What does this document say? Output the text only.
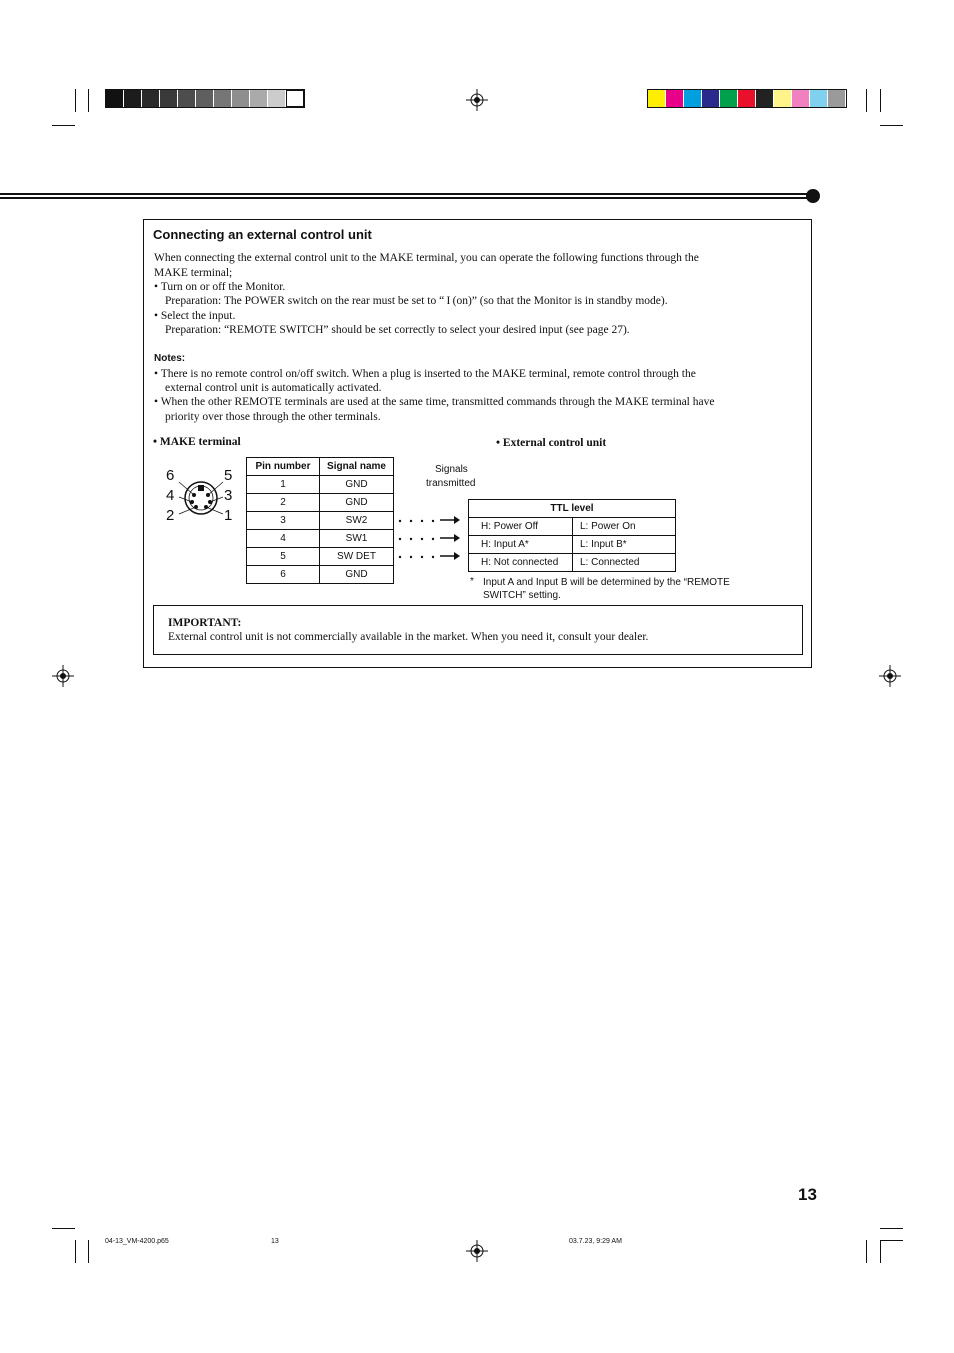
Connecting an external control unit
When connecting the external control unit to the MAKE terminal, you can operate the following functions through the
MAKE terminal;
• Turn on or off the Monitor.
Preparation: The POWER switch on the rear must be set to “ I (on)” (so that the Monitor is in standby mode).
• Select the input.
Preparation: “REMOTE SWITCH” should be set correctly to select your desired input (see page 27).
Notes:
• There is no remote control on/off switch. When a plug is inserted to the MAKE terminal, remote control through the
external control unit is automatically activated.
• When the other REMOTE terminals are used at the same time, transmitted commands through the MAKE terminal have
priority over those through the other terminals.
• MAKE terminal	• External control unit
6	5
4	3
2	1
Pin number	Signal name
1	GND
2	GND
3	SW2
4	SW1
5	SW DET
6	GND
Signals
transmitted
TTL level	
H: Power Off	L: Power On
H: Input A*	L: Input B*
H: Not connected	L: Connected
* Input A and Input B will be determined by the “REMOTE
SWITCH” setting.
IMPORTANT:
External control unit is not commercially available in the market. When you need it, consult your dealer.
13
04-13_VM-4200.p65	13	03.7.23, 9:29 AM
